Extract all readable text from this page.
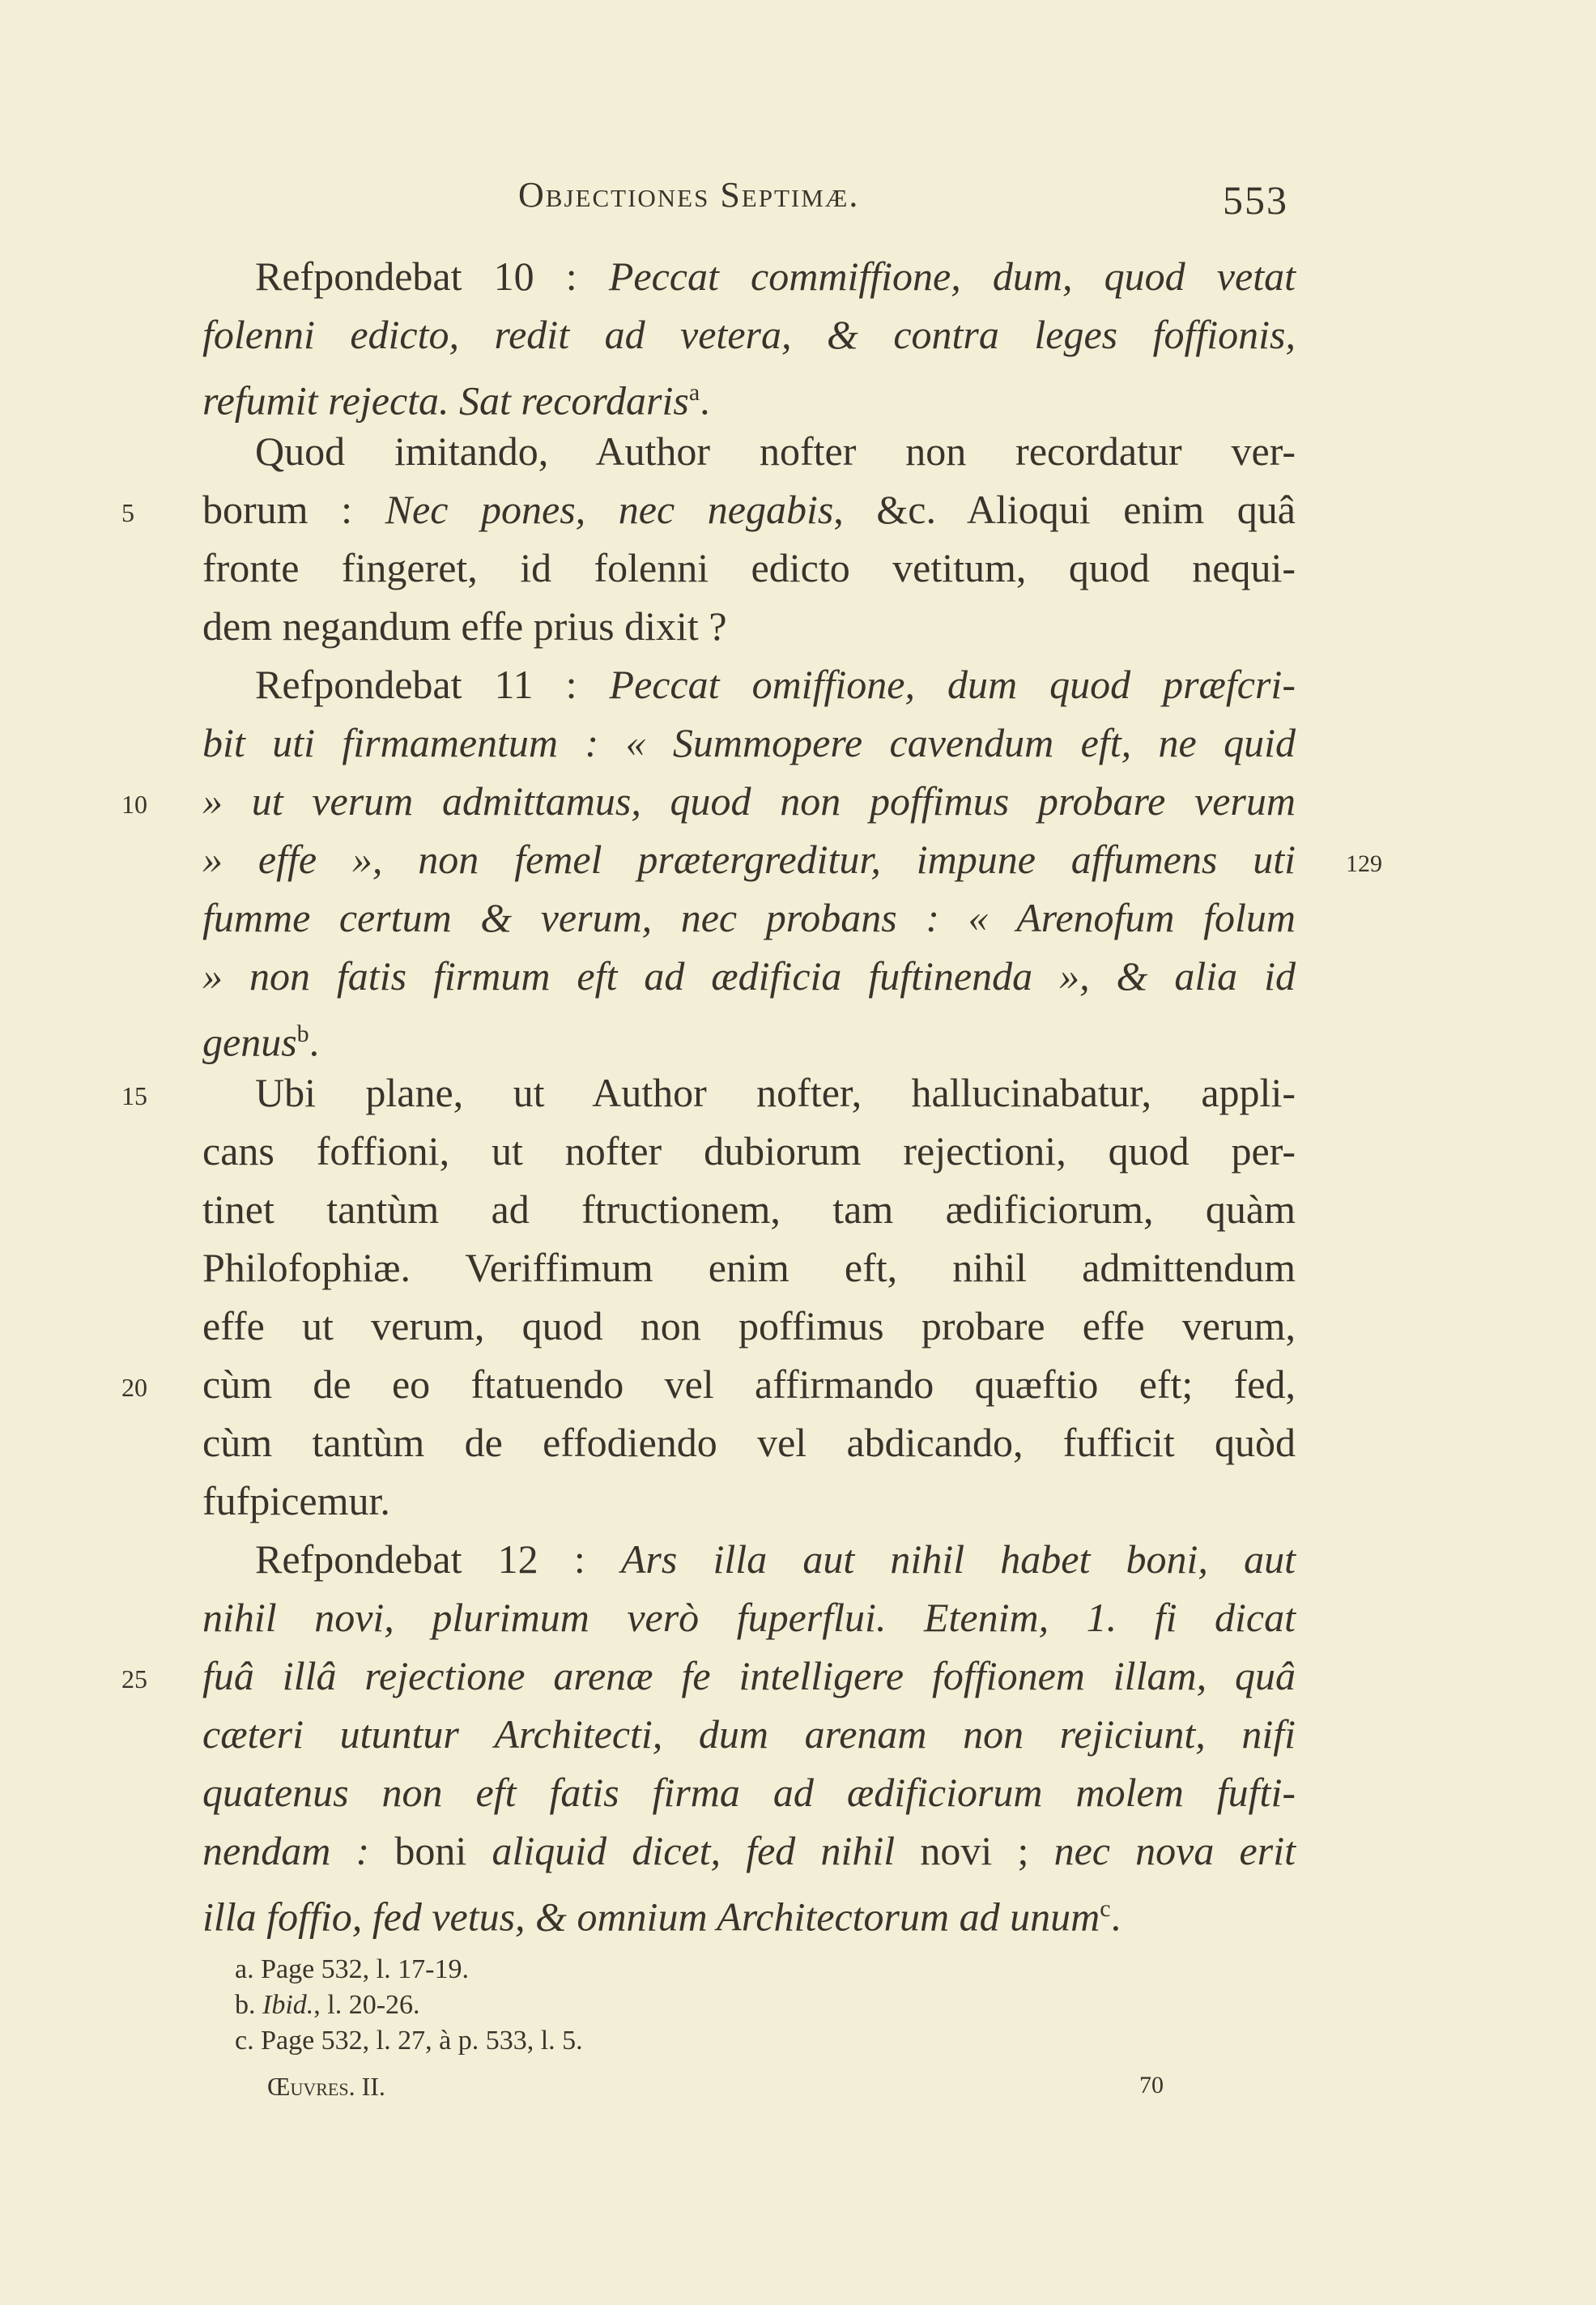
Objectiones Septimæ.	553
Refpondebat 10 : Peccat commiffione, dum, quod vetat
folenni edicto, redit ad vetera, & contra leges foffionis,
refumit rejecta. Sat recordaris$^a$.
Quod imitando, Author nofter non recordatur ver-
borum : Nec pones, nec negabis, &c. Alioqui enim quâ
fronte fingeret, id folenni edicto vetitum, quod nequi-
dem negandum effe prius dixit ?
Refpondebat 11 : Peccat omiffione, dum quod præfcri-
bit uti firmamentum : « Summopere cavendum eft, ne quid
» ut verum admittamus, quod non poffimus probare verum
» effe », non femel prætergreditur, impune affumens uti
fumme certum & verum, nec probans : « Arenofum folum
» non fatis firmum eft ad ædificia fuftinenda », & alia id
genus$^b$.
Ubi plane, ut Author nofter, hallucinabatur, appli-
cans foffioni, ut nofter dubiorum rejectioni, quod per-
tinet tantùm ad ftructionem, tam ædificiorum, quàm
Philofophiæ. Veriffimum enim eft, nihil admittendum
effe ut verum, quod non poffimus probare effe verum,
cùm de eo ftatuendo vel affirmando quæftio eft; fed,
cùm tantùm de effodiendo vel abdicando, fufficit quòd
fufpicemur.
Refpondebat 12 : Ars illa aut nihil habet boni, aut
nihil novi, plurimum verò fuperflui. Etenim, 1. fi dicat
fuâ illâ rejectione arenæ fe intelligere foffionem illam, quâ
cæteri utuntur Architecti, dum arenam non rejiciunt, nifi
quatenus non eft fatis firma ad ædificiorum molem fufti-
nendam : boni aliquid dicet, fed nihil novi ; nec nova erit
illa foffio, fed vetus, & omnium Architectorum ad unum$^c$.
5
10
15
20
25
129
a. Page 532, l. 17-19.
b. Ibid., l. 20-26.
c. Page 532, l. 27, à p. 533, l. 5.
Œuvres. II.	70
